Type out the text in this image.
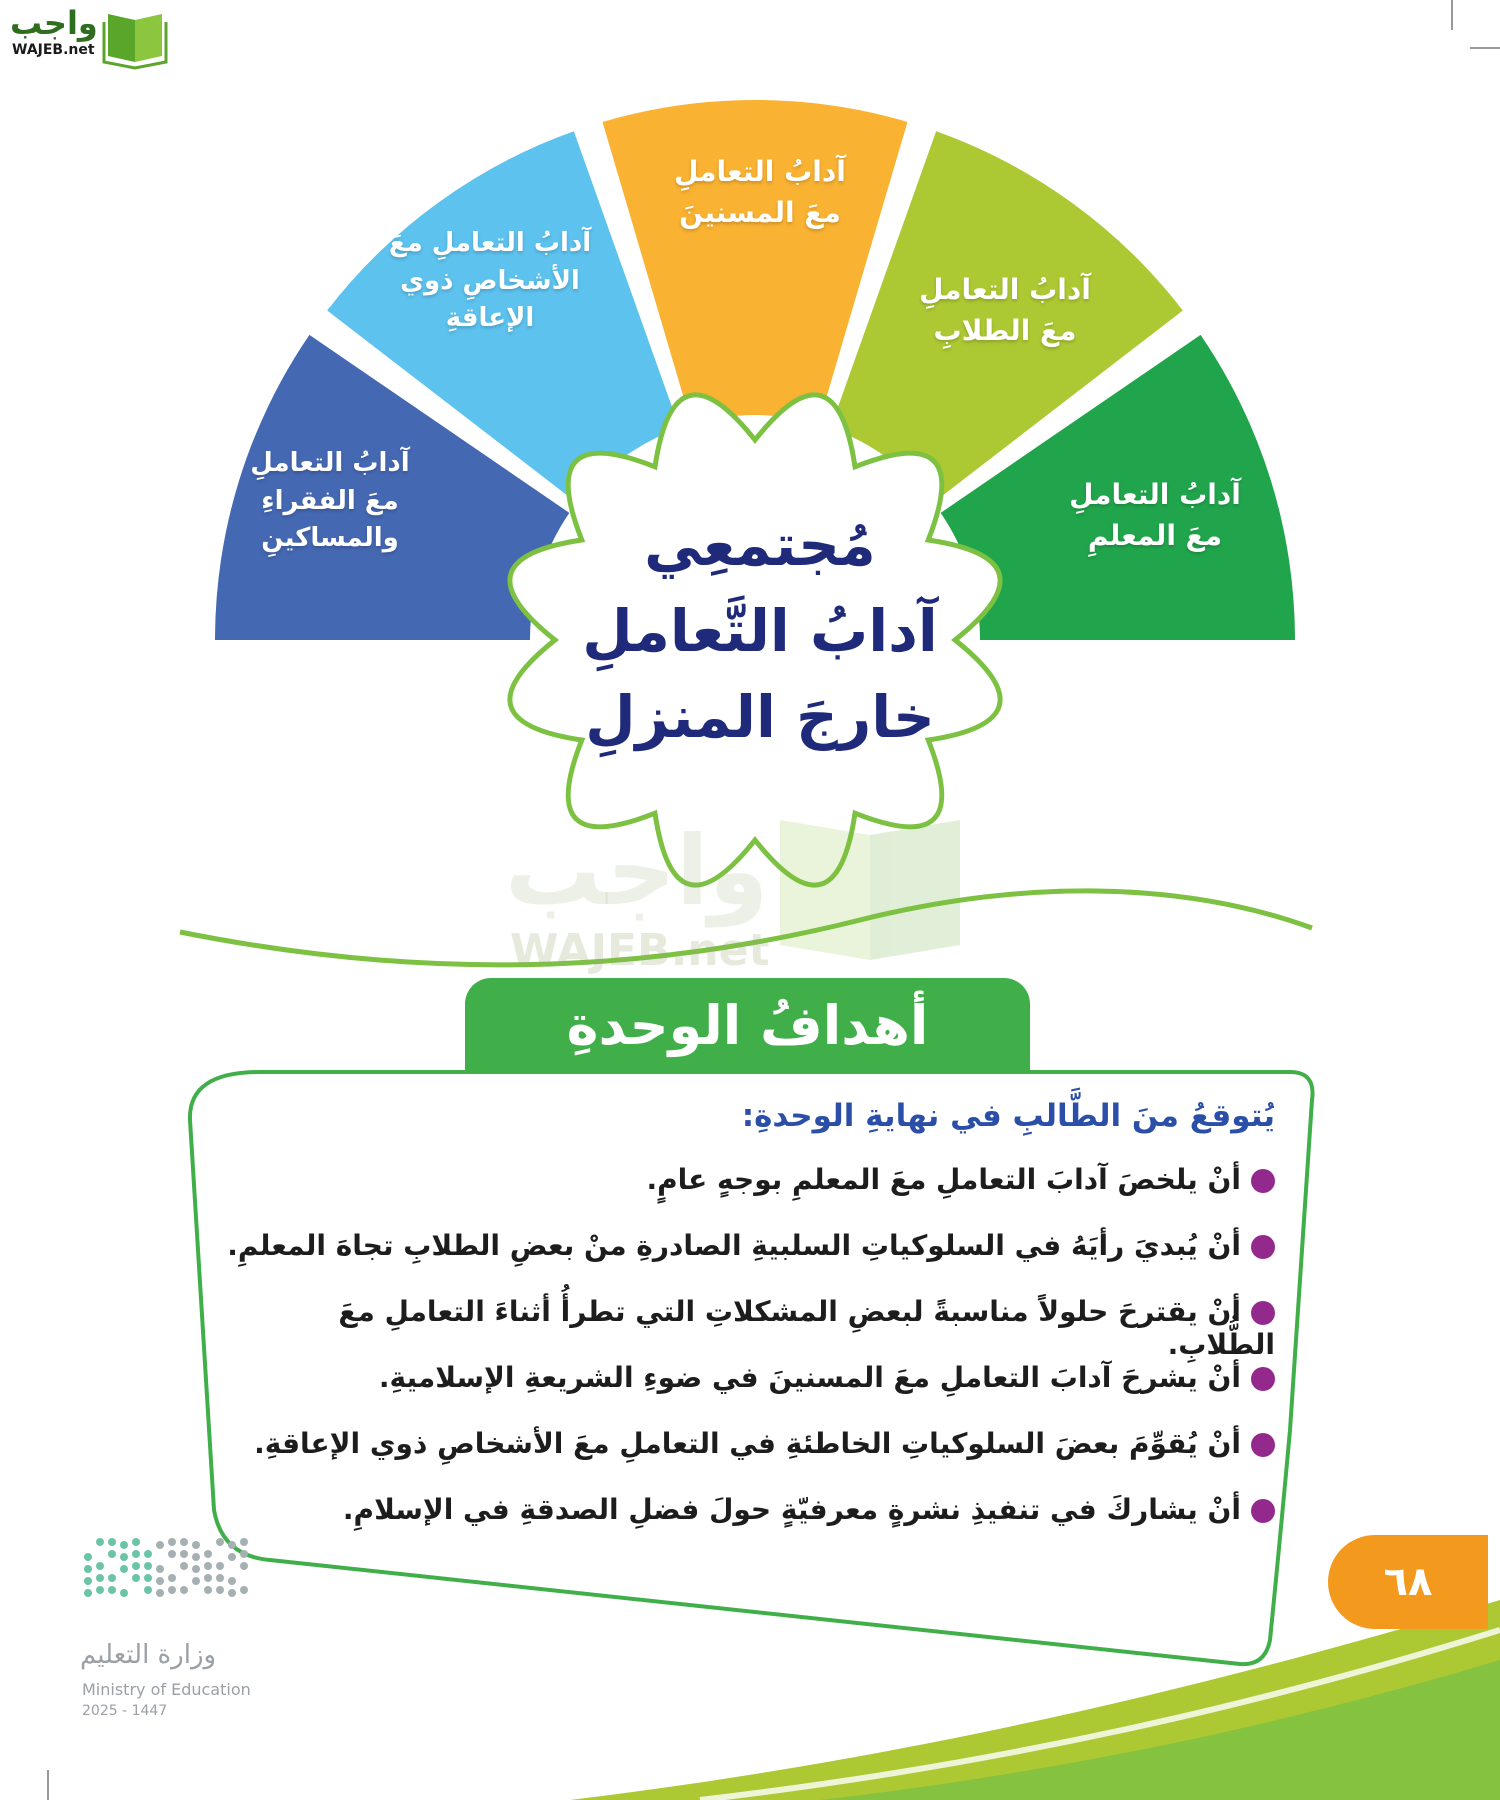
واجب
WAJEB.net
آدابُ التعاملِ
معَ الفقراءِ
والمساكينِ
آدابُ التعاملِ معَ
الأشخاصِ ذوي
الإعاقةِ
آدابُ التعاملِ
معَ المسنينَ
آدابُ التعاملِ
معَ الطلابِ
آدابُ التعاملِ
معَ المعلمِ
مُجتمعِي
آدابُ التَّعاملِ
خارجَ المنزلِ
واجب
WAJEB.net
أهدافُ الوحدةِ
يُتوقعُ منَ الطَّالبِ في نهايةِ الوحدةِ:
أنْ يلخصَ آدابَ التعاملِ معَ المعلمِ بوجهٍ عامٍ.
أنْ يُبديَ رأيَهُ في السلوكياتِ السلبيةِ الصادرةِ منْ بعضِ الطلابِ تجاهَ المعلمِ.
أنْ يقترحَ حلولاً مناسبةً لبعضِ المشكلاتِ التي تطرأُ أثناءَ التعاملِ معَ الطُّلابِ.
أنْ يشرحَ آدابَ التعاملِ معَ المسنينَ في ضوءِ الشريعةِ الإسلاميةِ.
أنْ يُقوِّمَ بعضَ السلوكياتِ الخاطئةِ في التعاملِ معَ الأشخاصِ ذوي الإعاقةِ.
أنْ يشاركَ في تنفيذِ نشرةٍ معرفيّةٍ حولَ فضلِ الصدقةِ في الإسلامِ.
٦٨
وزارة التعليم
Ministry of Education
2025 - 1447
